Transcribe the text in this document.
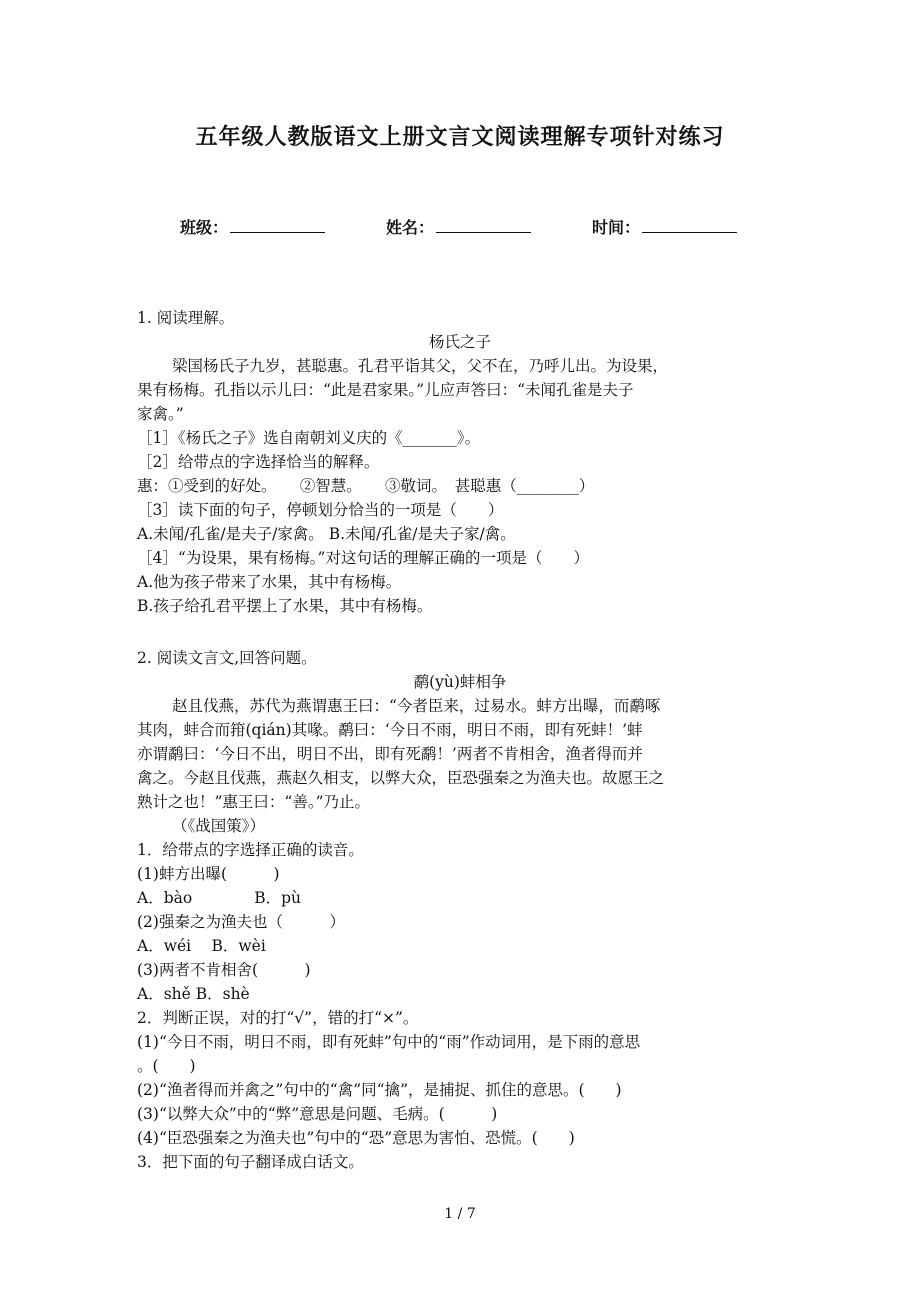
五年级人教版语文上册文言文阅读理解专项针对练习
班级：	姓名：	时间：
1. 阅读理解。
杨氏之子
梁国杨氏子九岁，甚聪惠。孔君平诣其父，父不在，乃呼儿出。为设果，
果有杨梅。孔指以示儿曰：“此是君家果。”儿应声答曰：“未闻孔雀是夫子
家禽。”
［1］《杨氏之子》选自南朝刘义庆的《_______》。
［2］给带点的字选择恰当的解释。
惠：①受到的好处。　　②智慧。　　③敬词。　甚聪惠（________）
［3］读下面的句子，停顿划分恰当的一项是（　　）
A.未闻/孔雀/是夫子/家禽。 B.未闻/孔雀/是夫子家/禽。
［4］“为设果，果有杨梅。”对这句话的理解正确的一项是（　　）
A.他为孩子带来了水果，其中有杨梅。
B.孩子给孔君平摆上了水果，其中有杨梅。
2. 阅读文言文,回答问题。
鹬(yù)蚌相争
赵且伐燕，苏代为燕谓惠王曰：“今者臣来，过易水。蚌方出曝，而鹬啄
其肉，蚌合而箝(qián)其喙。鹬曰：‘今日不雨，明日不雨，即有死蚌！’蚌
亦谓鹬曰：‘今日不出，明日不出，即有死鹬！’两者不肯相舍，渔者得而并
禽之。今赵且伐燕，燕赵久相支，以弊大众，臣恐强秦之为渔夫也。故愿王之
熟计之也！”惠王曰：“善。”乃止。
（《战国策》）
1．给带点的字选择正确的读音。
(1)蚌方出曝(　　　)
A．bào　　　　B．pù
(2)强秦之为渔夫也（　　　）
A．wéi　 B．wèi
(3)两者不肯相舍(　　　)
A．shě B．shè
2．判断正误，对的打“√”，错的打“×”。
(1)“今日不雨，明日不雨，即有死蚌”句中的“雨”作动词用，是下雨的意思
。(　　)
(2)“渔者得而并禽之”句中的“禽”同“擒”，是捕捉、抓住的意思。(　　)
(3)“以弊大众”中的“弊”意思是问题、毛病。(　　　)
(4)“臣恐强秦之为渔夫也”句中的“恐”意思为害怕、恐慌。(　　)
3．把下面的句子翻译成白话文。
1 / 7
